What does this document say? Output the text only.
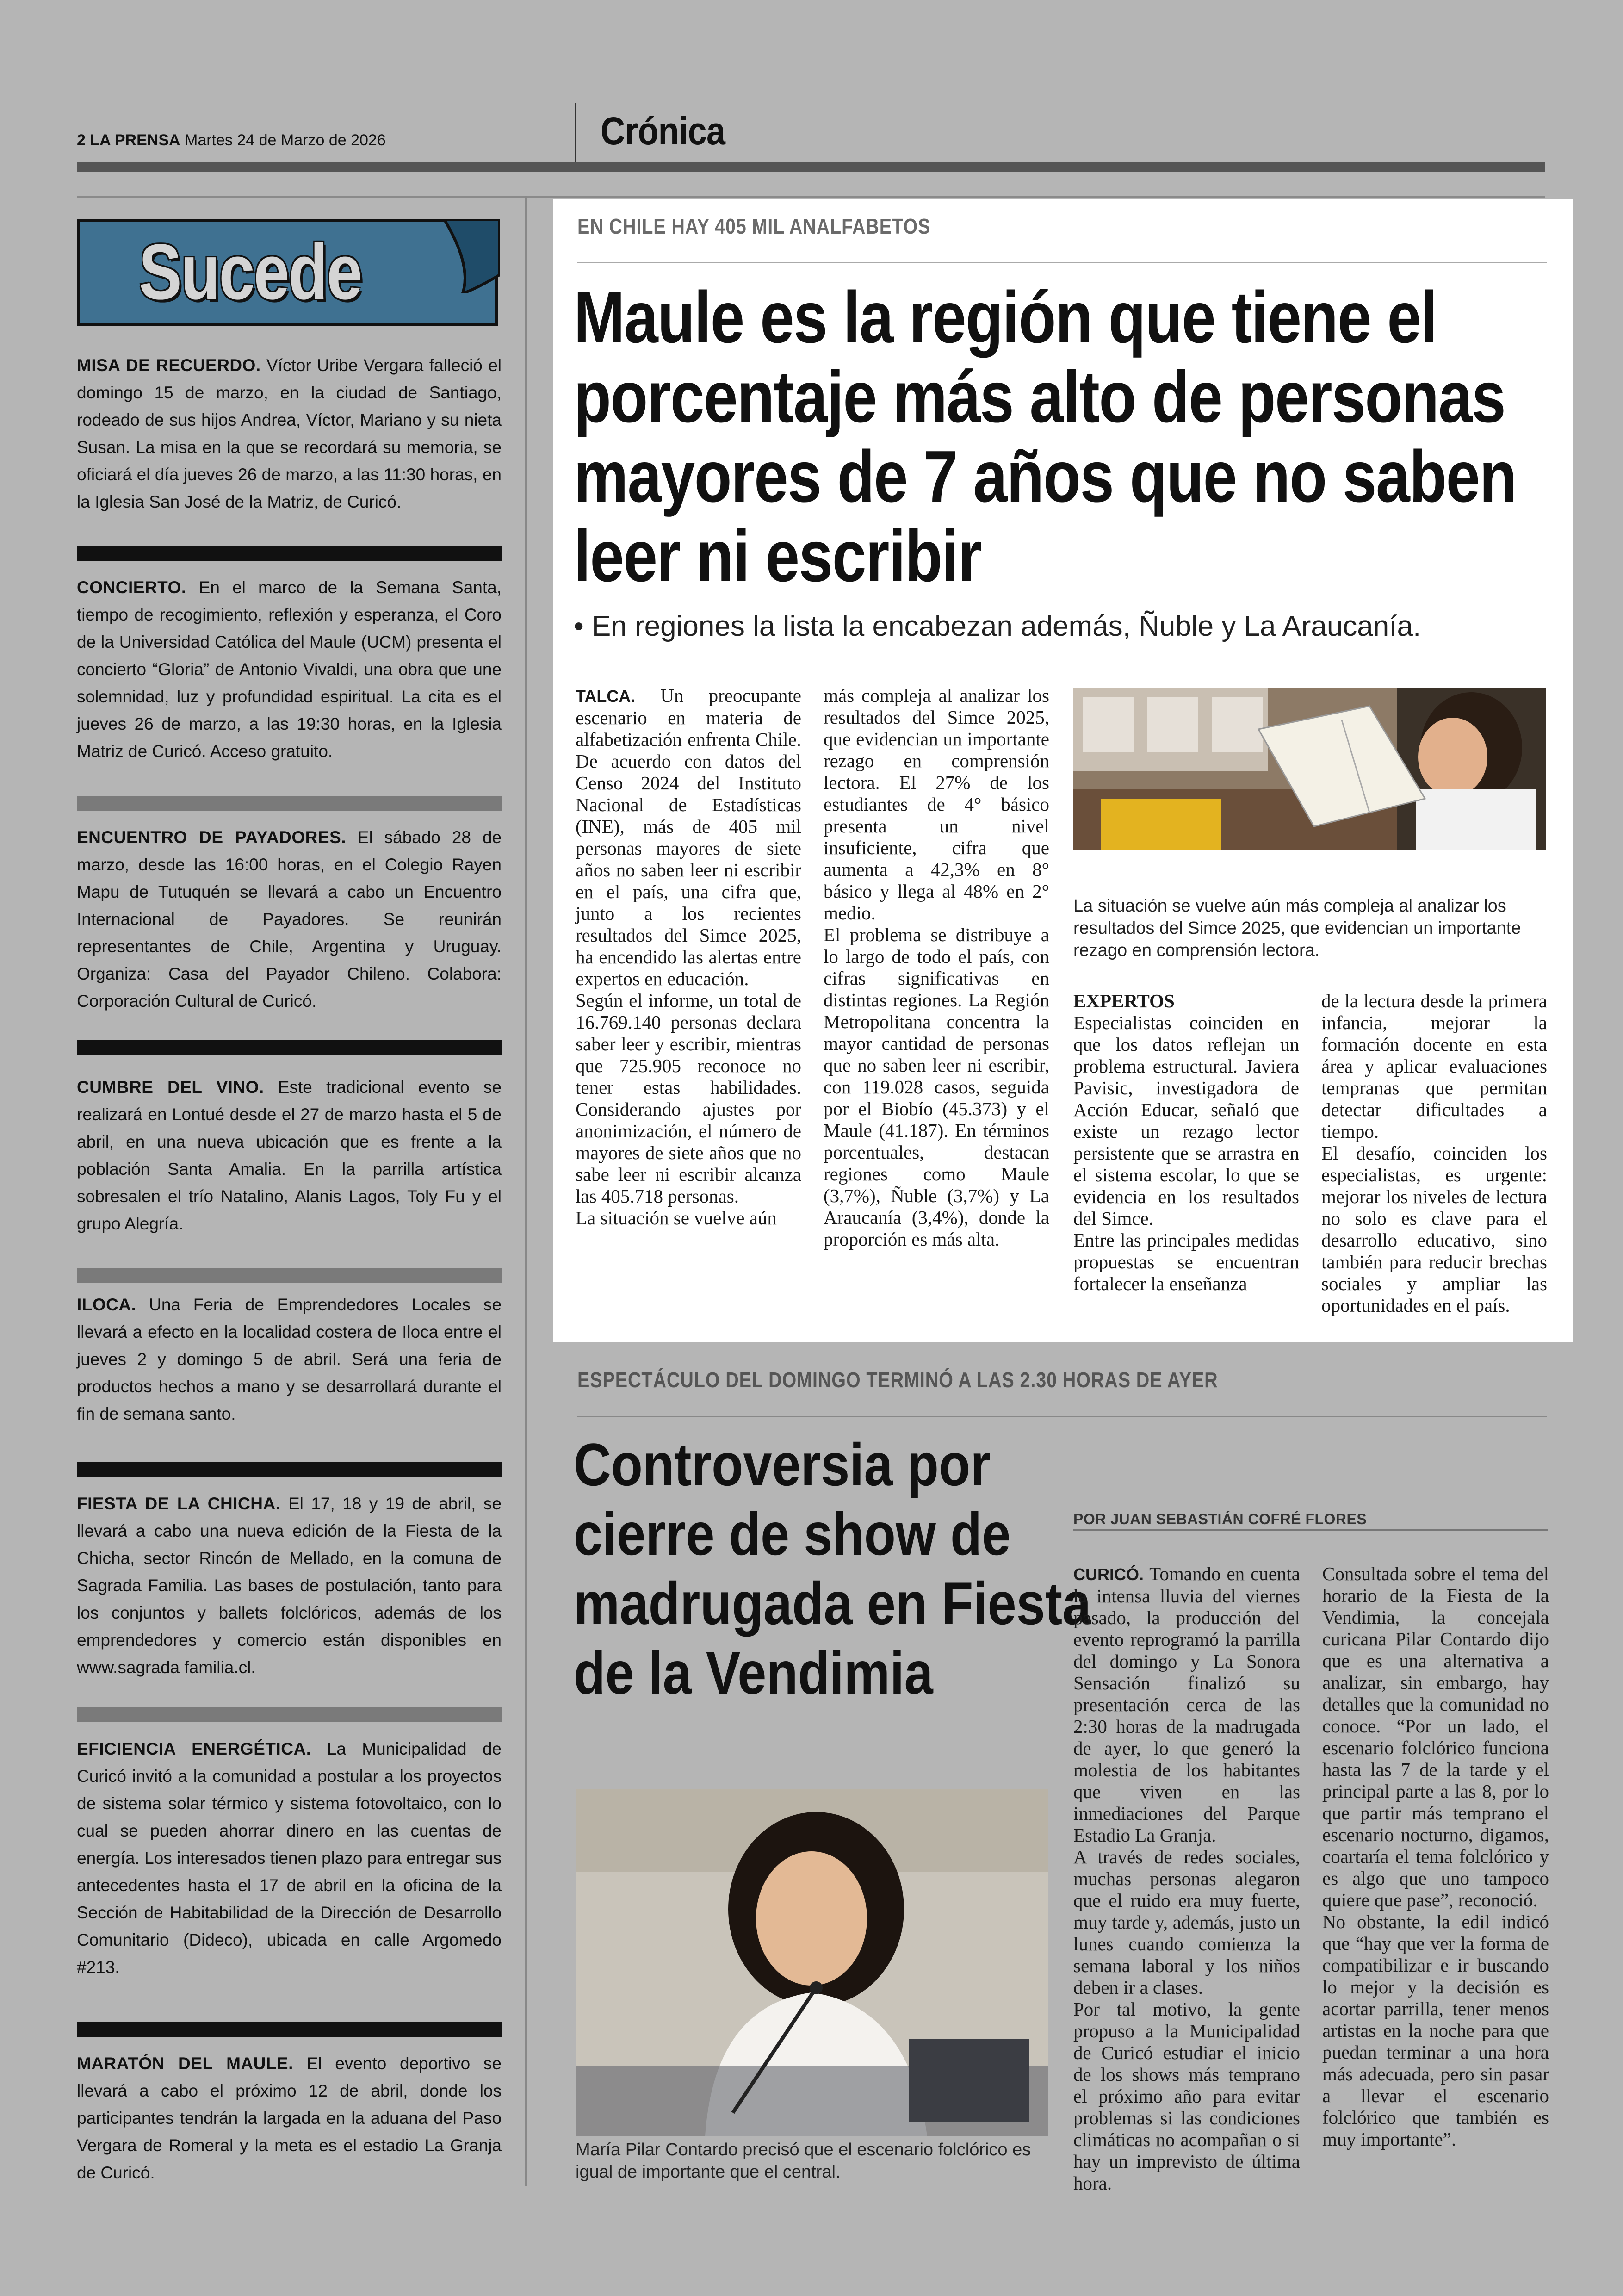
2 LA PRENSA Martes 24 de Marzo de 2026	Crónica
Sucede
MISA DE RECUERDO. Víctor Uribe Vergara falleció el domingo 15 de marzo, en la ciudad de Santiago, rodeado de sus hijos Andrea, Víctor, Mariano y su nieta Susan. La misa en la que se recordará su memoria, se oficiará el día jueves 26 de marzo, a las 11:30 horas, en la Iglesia San José de la Matriz, de Curicó.
CONCIERTO. En el marco de la Semana Santa, tiempo de recogimiento, reflexión y esperanza, el Coro de la Universidad Católica del Maule (UCM) presenta el concierto “Gloria” de Antonio Vivaldi, una obra que une solemnidad, luz y profundidad espiritual. La cita es el jueves 26 de marzo, a las 19:30 horas, en la Iglesia Matriz de Curicó. Acceso gratuito.
ENCUENTRO DE PAYADORES. El sábado 28 de marzo, desde las 16:00 horas, en el Colegio Rayen Mapu de Tutuquén se llevará a cabo un Encuentro Internacional de Payadores. Se reunirán representantes de Chile, Argentina y Uruguay. Organiza: Casa del Payador Chileno. Colabora: Corporación Cultural de Curicó.
CUMBRE DEL VINO. Este tradicional evento se realizará en Lontué desde el 27 de marzo hasta el 5 de abril, en una nueva ubicación que es frente a la población Santa Amalia. En la parrilla artística sobresalen el trío Natalino, Alanis Lagos, Toly Fu y el grupo Alegría.
ILOCA. Una Feria de Emprendedores Locales se llevará a efecto en la localidad costera de Iloca entre el jueves 2 y domingo 5 de abril. Será una feria de productos hechos a mano y se desarrollará durante el fin de semana santo.
FIESTA DE LA CHICHA. El 17, 18 y 19 de abril, se llevará a cabo una nueva edición de la Fiesta de la Chicha, sector Rincón de Mellado, en la comuna de Sagrada Familia. Las bases de postulación, tanto para los conjuntos y ballets folclóricos, además de los emprendedores y comercio están disponibles en www.sagrada familia.cl.
EFICIENCIA ENERGÉTICA. La Municipalidad de Curicó invitó a la comunidad a postular a los proyectos de sistema solar térmico y sistema fotovoltaico, con lo cual se pueden ahorrar dinero en las cuentas de energía. Los interesados tienen plazo para entregar sus antecedentes hasta el 17 de abril en la oficina de la Sección de Habitabilidad de la Dirección de Desarrollo Comunitario (Dideco), ubicada en calle Argomedo #213.
MARATÓN DEL MAULE. El evento deportivo se llevará a cabo el próximo 12 de abril, donde los participantes tendrán la largada en la aduana del Paso Vergara de Romeral y la meta es el estadio La Granja de Curicó.
EN CHILE HAY 405 MIL ANALFABETOS
Maule es la región que tiene el porcentaje más alto de personas mayores de 7 años que no saben leer ni escribir
• En regiones la lista la encabezan además, Ñuble y La Araucanía.

TALCA. Un preocupante escenario en materia de alfabetización enfrenta Chile. De acuerdo con datos del Censo 2024 del Instituto Nacional de Estadísticas (INE), más de 405 mil personas mayores de siete años no saben leer ni escribir en el país, una cifra que, junto a los recientes resultados del Simce 2025, ha encendido las alertas entre expertos en educación.

Según el informe, un total de 16.769.140 personas declara saber leer y escribir, mientras que 725.905 reconoce no tener estas habilidades. Considerando ajustes por anonimización, el número de mayores de siete años que no sabe leer ni escribir alcanza las 405.718 personas.

La situación se vuelve aún

más compleja al analizar los resultados del Simce 2025, que evidencian un importante rezago en comprensión lectora. El 27% de los estudiantes de 4° básico presenta un nivel insuficiente, cifra que aumenta a 42,3% en 8° básico y llega al 48% en 2° medio.

El problema se distribuye a lo largo de todo el país, con cifras significativas en distintas regiones. La Región Metropolitana concentra la mayor cantidad de personas que no saben leer ni escribir, con 119.028 casos, seguida por el Biobío (45.373) y el Maule (41.187). En términos porcentuales, destacan regiones como Maule (3,7%), Ñuble (3,7%) y La Araucanía (3,4%), donde la proporción es más alta.

La situación se vuelve aún más compleja al analizar los resultados del Simce 2025, que evidencian un importante rezago en comprensión lectora.

EXPERTOS

Especialistas coinciden en que los datos reflejan un problema estructural. Javiera Pavisic, investigadora de Acción Educar, señaló que existe un rezago lector persistente que se arrastra en el sistema escolar, lo que se evidencia en los resultados del Simce.

Entre las principales medidas propuestas se encuentran fortalecer la enseñanza

de la lectura desde la primera infancia, mejorar la formación docente en esta área y aplicar evaluaciones tempranas que permitan detectar dificultades a tiempo.

El desafío, coinciden los especialistas, es urgente: mejorar los niveles de lectura no solo es clave para el desarrollo educativo, sino también para reducir brechas sociales y ampliar las oportunidades en el país.

ESPECTÁCULO DEL DOMINGO TERMINÓ A LAS 2.30 HORAS DE AYER
Controversia por cierre de show de madrugada en Fiesta de la Vendimia
POR JUAN SEBASTIÁN COFRÉ FLORES

CURICÓ. Tomando en cuenta la intensa lluvia del viernes pasado, la producción del evento reprogramó la parrilla del domingo y La Sonora Sensación finalizó su presentación cerca de las 2:30 horas de la madrugada de ayer, lo que generó la molestia de los habitantes que viven en las inmediaciones del Parque Estadio La Granja.

A través de redes sociales, muchas personas alegaron que el ruido era muy fuerte, muy tarde y, además, justo un lunes cuando comienza la semana laboral y los niños deben ir a clases.

Por tal motivo, la gente propuso a la Municipalidad de Curicó estudiar el inicio de los shows más temprano el próximo año para evitar problemas si las condiciones climáticas no acompañan o si hay un imprevisto de última hora.

Consultada sobre el tema del horario de la Fiesta de la Vendimia, la concejala curicana Pilar Contardo dijo que es una alternativa a analizar, sin embargo, hay detalles que la comunidad no conoce. “Por un lado, el escenario folclórico funciona hasta las 7 de la tarde y el principal parte a las 8, por lo que partir más temprano el escenario nocturno, digamos, coartaría el tema folclórico y es algo que uno tampoco quiere que pase”, reconoció.

No obstante, la edil indicó que “hay que ver la forma de compatibilizar e ir buscando lo mejor y la decisión es acortar parrilla, tener menos artistas en la noche para que puedan terminar a una hora más adecuada, pero sin pasar a llevar el escenario folclórico que también es muy importante”.

María Pilar Contardo precisó que el escenario folclórico es igual de importante que el central.
